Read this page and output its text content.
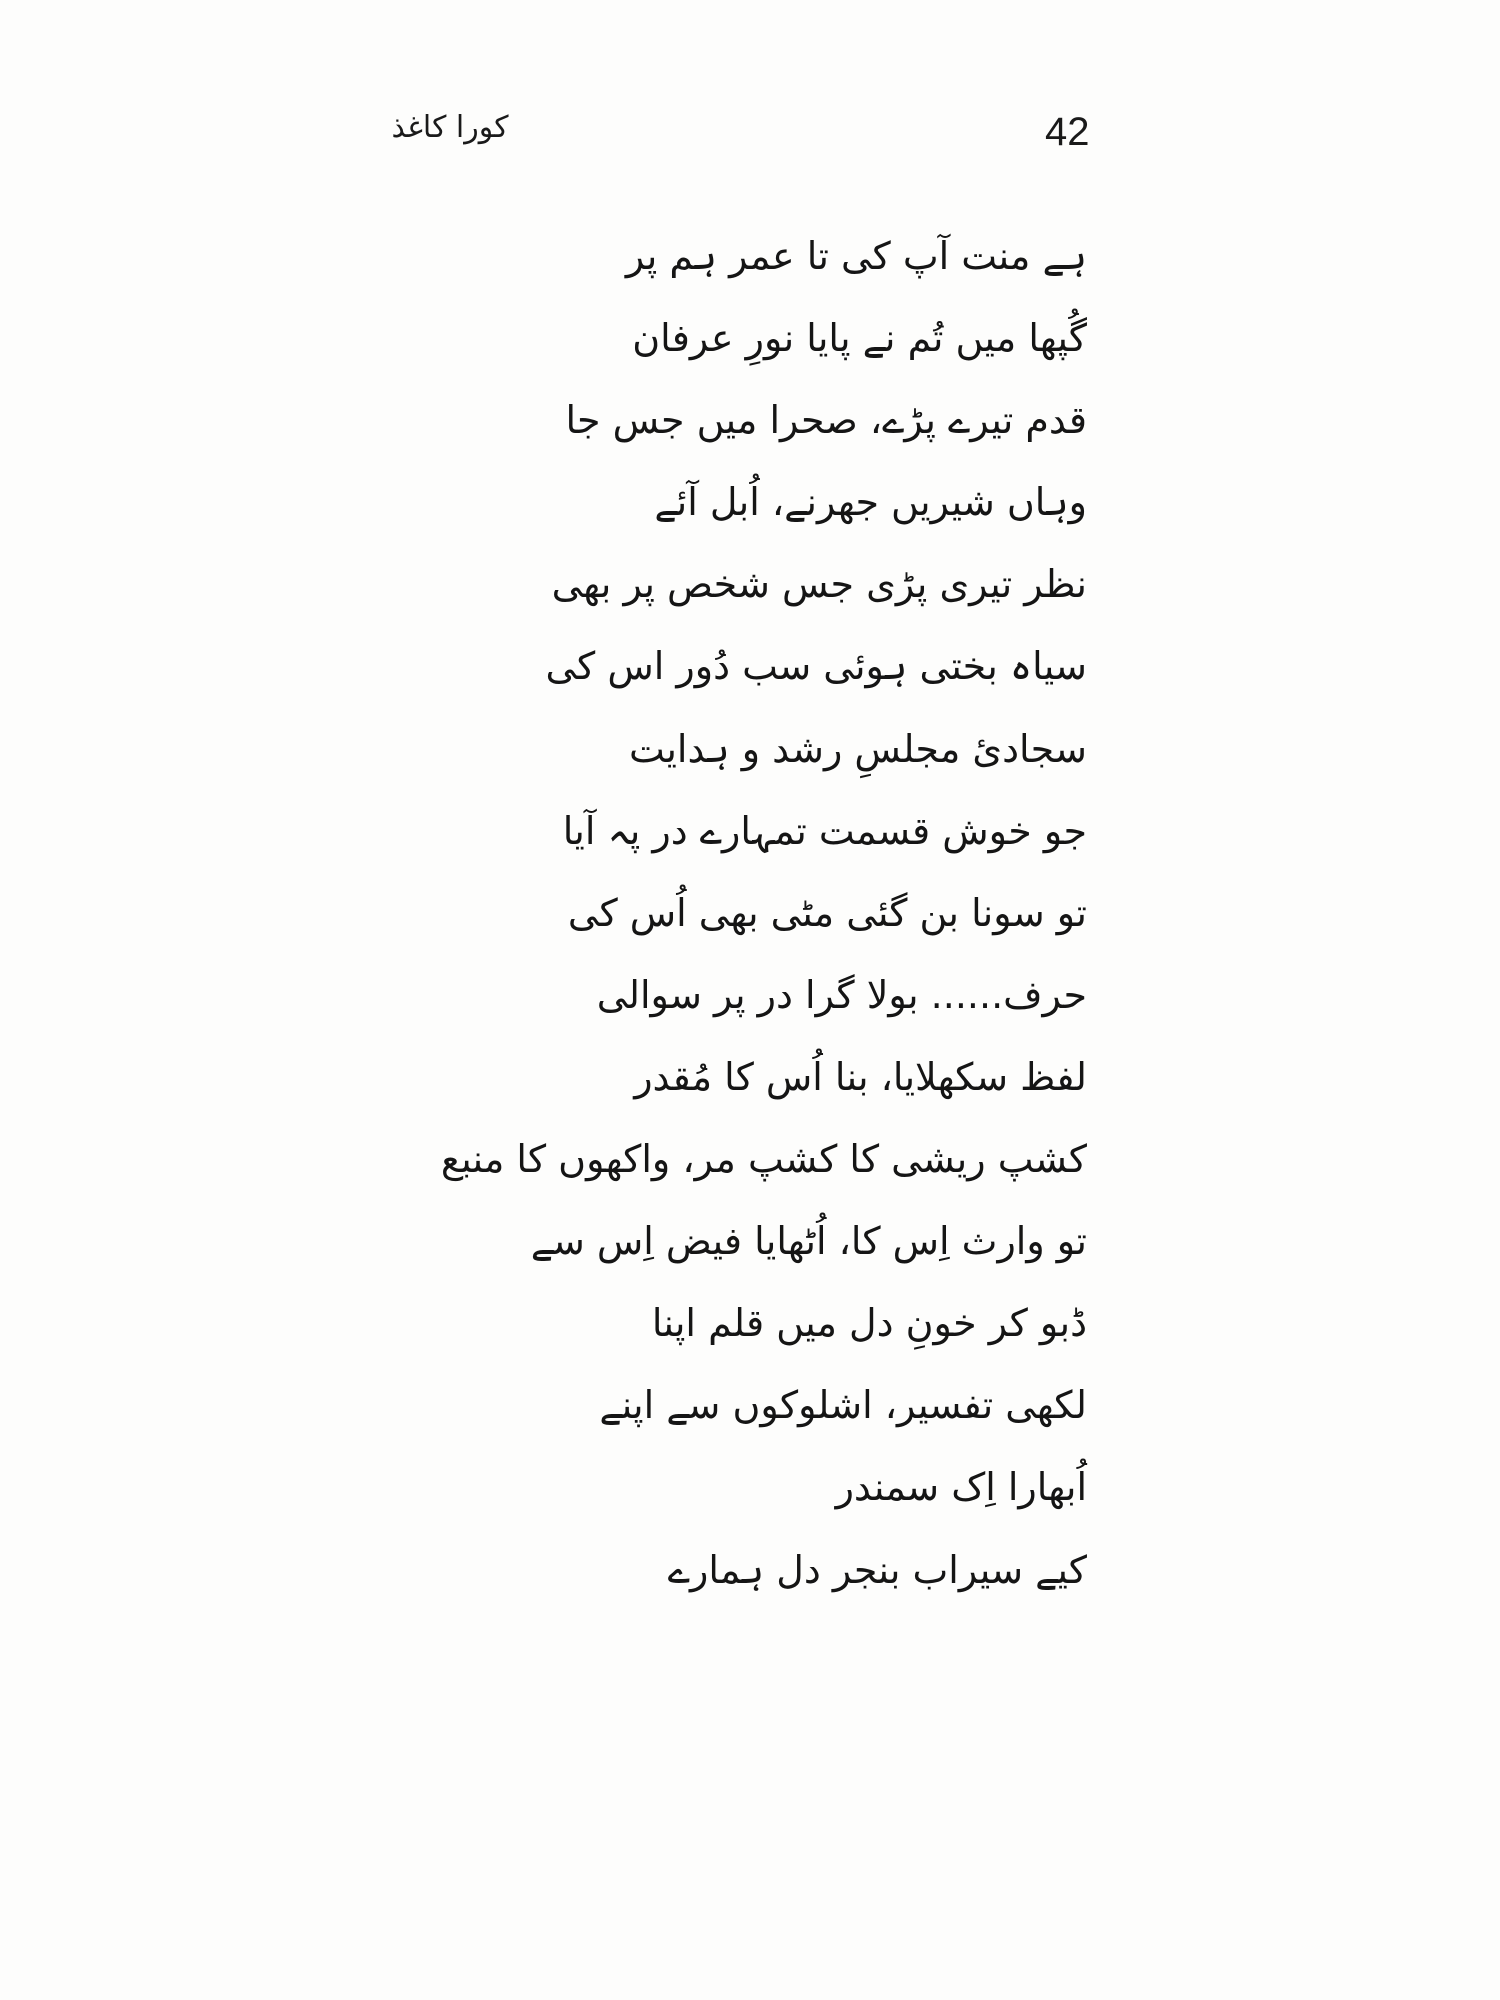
42
کورا کاغذ
ہے منت آپ کی تا عمر ہم پر
گُپھا میں تُم نے پایا نورِ عرفان
قدم تیرے پڑے، صحرا میں جس جا
وہاں شیریں جھرنے، اُبل آئے
نظر تیری پڑی جس شخص پر بھی
سیاہ بختی ہوئی سب دُور اس کی
سجادیٔ مجلسِ رشد و ہدایت
جو خوش قسمت تمہارے در پہ آیا
تو سونا بن گئی مٹی بھی اُس کی
حرف...... بولا گرا در پر سوالی
لفظ سکھلایا، بنا اُس کا مُقدر
کشپ ریشی کا کشپ مر، واکھوں کا منبع
تو وارث اِس کا، اُٹھایا فیض اِس سے
ڈبو کر خونِ دل میں قلم اپنا
لکھی تفسیر، اشلوکوں سے اپنے
اُبھارا اِک سمندر
کیے سیراب بنجر دل ہمارے
